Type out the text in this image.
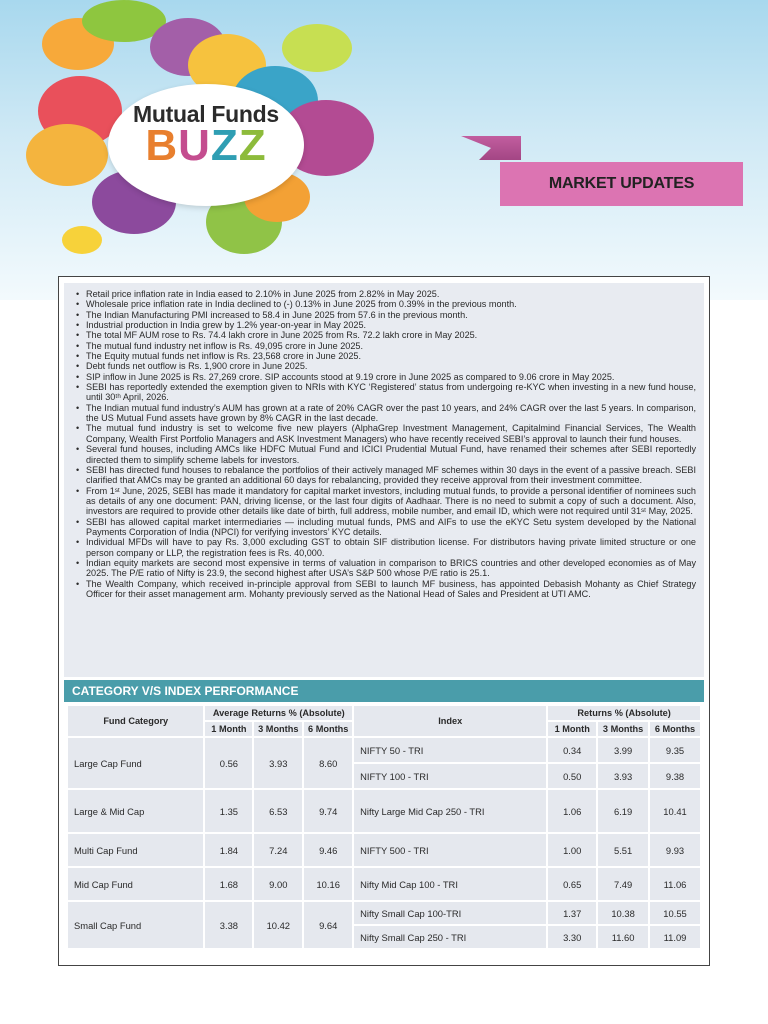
Mutual Funds
BUZZ
MARKET UPDATES
• Retail price inflation rate in India eased to 2.10% in June 2025 from 2.82% in May 2025.
• Wholesale price inflation rate in India declined to (-) 0.13% in June 2025 from 0.39% in the previous month.
• The Indian Manufacturing PMI increased to 58.4 in June 2025 from 57.6 in the previous month.
• Industrial production in India grew by 1.2% year-on-year in May 2025.
• The total MF AUM rose to Rs. 74.4 lakh crore in June 2025 from Rs. 72.2 lakh crore in May 2025.
• The mutual fund industry net inflow is Rs. 49,095 crore in June 2025.
• The Equity mutual funds net inflow is Rs. 23,568 crore in June 2025.
• Debt funds net outflow is Rs. 1,900 crore in June 2025.
• SIP inflow in June 2025 is Rs. 27,269 crore. SIP accounts stood at 9.19 crore in June 2025 as compared to 9.06 crore in May 2025.
• SEBI has reportedly extended the exemption given to NRIs with KYC ‘Registered’ status from undergoing re-KYC when investing in a new fund house, until 30ᵗʰ April, 2026.
• The Indian mutual fund industry’s AUM has grown at a rate of 20% CAGR over the past 10 years, and 24% CAGR over the last 5 years. In comparison, the US Mutual Fund assets have grown by 8% CAGR in the last decade.
• The mutual fund industry is set to welcome five new players (AlphaGrep Investment Management, Capitalmind Financial Services, The Wealth Company, Wealth First Portfolio Managers and ASK Investment Managers) who have recently received SEBI’s approval to launch their fund houses.
• Several fund houses, including AMCs like HDFC Mutual Fund and ICICI Prudential Mutual Fund, have renamed their schemes after SEBI reportedly directed them to simplify scheme labels for investors.
• SEBI has directed fund houses to rebalance the portfolios of their actively managed MF schemes within 30 days in the event of a passive breach. SEBI clarified that AMCs may be granted an additional 60 days for rebalancing, provided they receive approval from their investment committee.
• From 1ˢᵗ June, 2025, SEBI has made it mandatory for capital market investors, including mutual funds, to provide a personal identifier of nominees such as details of any one document: PAN, driving license, or the last four digits of Aadhaar. There is no need to submit a copy of such a document. Also, investors are required to provide other details like date of birth, full address, mobile number, and email ID, which were not required until 31ˢᵗ May, 2025.
• SEBI has allowed capital market intermediaries — including mutual funds, PMS and AIFs to use the eKYC Setu system developed by the National Payments Corporation of India (NPCI) for verifying investors’ KYC details.
• Individual MFDs will have to pay Rs. 3,000 excluding GST to obtain SIF distribution license. For distributors having private limited structure or one person company or LLP, the registration fees is Rs. 40,000.
• Indian equity markets are second most expensive in terms of valuation in comparison to BRICS countries and other developed economies as of May 2025. The P/E ratio of Nifty is 23.9, the second highest after USA’s S&P 500 whose P/E ratio is 25.1.
• The Wealth Company, which received in-principle approval from SEBI to launch MF business, has appointed Debasish Mohanty as Chief Strategy Officer for their asset management arm. Mohanty previously served as the National Head of Sales and President at UTI AMC.
CATEGORY V/S INDEX PERFORMANCE
Fund Category	Average Returns % (Absolute)			Index	Returns % (Absolute)		
	1 Month	3 Months	6 Months		1 Month	3 Months	6 Months
Large Cap Fund	0.56	3.93	8.60	NIFTY 50 - TRI	0.34	3.99	9.35
				NIFTY 100 - TRI	0.50	3.93	9.38
Large & Mid Cap	1.35	6.53	9.74	Nifty Large Mid Cap 250 - TRI	1.06	6.19	10.41
Multi Cap Fund	1.84	7.24	9.46	NIFTY 500 - TRI	1.00	5.51	9.93
Mid Cap Fund	1.68	9.00	10.16	Nifty Mid Cap 100 - TRI	0.65	7.49	11.06
Small Cap Fund	3.38	10.42	9.64	Nifty Small Cap 100-TRI	1.37	10.38	10.55
				Nifty Small Cap 250 - TRI	3.30	11.60	11.09
